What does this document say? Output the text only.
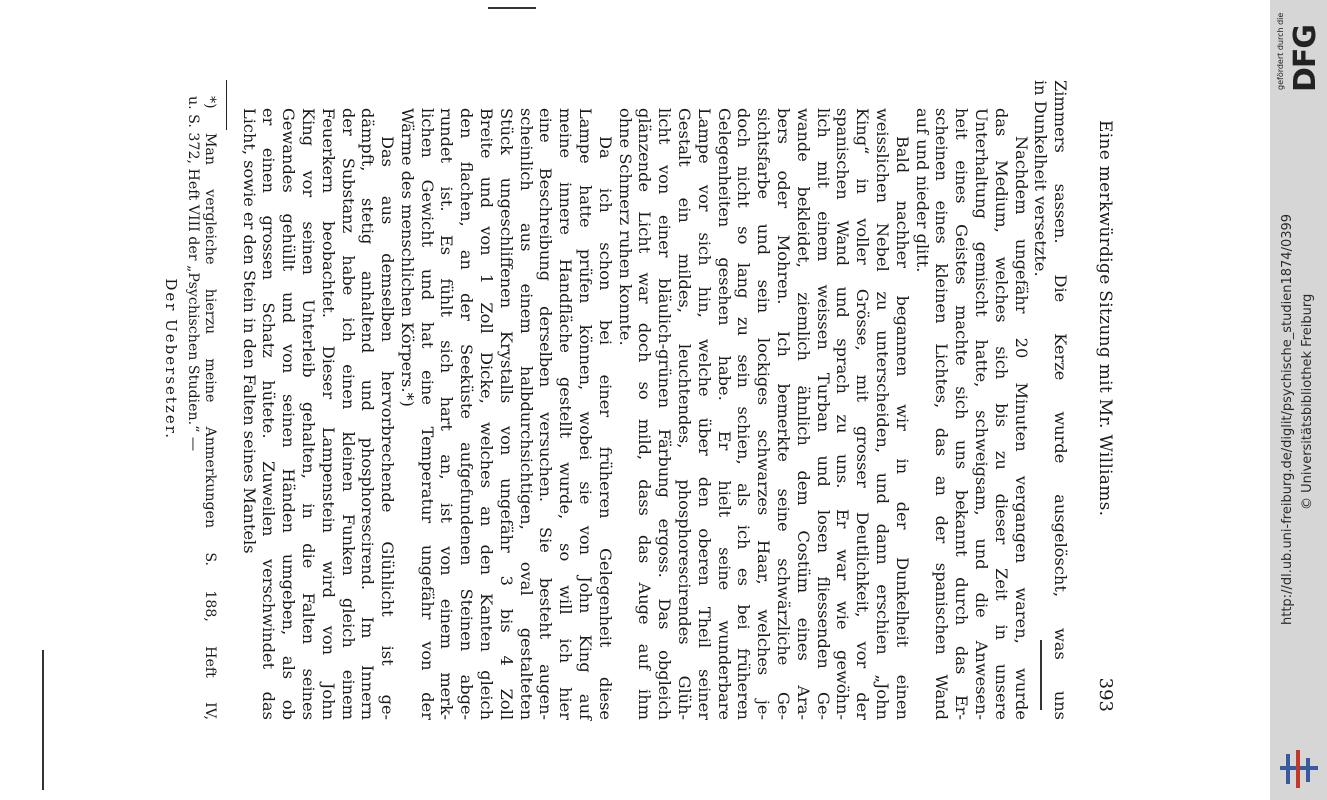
Eine merkwürdige Sitzung mit Mr. Williams.
393
Zimmers sassen. Die Kerze wurde ausgelöscht, was uns
in Dunkelheit versetzte.
Nachdem ungefähr 20 Minuten vergangen waren, wurde
das Medium, welches sich bis zu dieser Zeit in unsere
Unterhaltung gemischt hatte, schweigsam, und die Anwesen-
heit eines Geistes machte sich uns bekannt durch das Er-
scheinen eines kleinen Lichtes, das an der spanischen Wand
auf und nieder glitt.
Bald nachher begannen wir in der Dunkelheit einen
weisslichen Nebel zu unterscheiden, und dann erschien „John
King“ in voller Grösse, mit grosser Deutlichkeit, vor der
spanischen Wand und sprach zu uns. Er war wie gewöhn-
lich mit einem weissen Turban und losen fliessenden Ge-
wande bekleidet, ziemlich ähnlich dem Costüm eines Ara-
bers oder Mohren. Ich bemerkte seine schwärzliche Ge-
sichtsfarbe und sein lockiges schwarzes Haar, welches je-
doch nicht so lang zu sein schien, als ich es bei früheren
Gelegenheiten gesehen habe. Er hielt seine wunderbare
Lampe vor sich hin, welche über den oberen Theil seiner
Gestalt ein mildes, leuchtendes, phosphorescirendes Glüh-
licht von einer bläulich-grünen Färbung ergoss. Das obgleich
glänzende Licht war doch so mild, dass das Auge auf ihm
ohne Schmerz ruhen konnte.
Da ich schon bei einer früheren Gelegenheit diese
Lampe hatte prüfen können, wobei sie von John King auf
meine innere Handfläche gestellt wurde, so will ich hier
eine Beschreibung derselben versuchen. Sie besteht augen-
scheinlich aus einem halbdurchsichtigen, oval gestalteten
Stück ungeschliffenen Krystalls von ungefähr 3 bis 4 Zoll
Breite und von 1 Zoll Dicke, welches an den Kanten gleich
den flachen, an der Seeküste aufgefundenen Steinen abge-
rundet ist. Es fühlt sich hart an, ist von einem merk-
lichen Gewicht und hat eine Temperatur ungefähr von der
Wärme des menschlichen Körpers.*)
Das aus demselben hervorbrechende Glühlicht ist ge-
dämpft, stetig anhaltend und phosphorescirend. Im Innern
der Substanz habe ich einen kleinen Funken gleich einem
Feuerkern beobachtet. Dieser Lampenstein wird von John
King vor seinen Unterleib gehalten, in die Falten seines
Gewandes gehüllt und von seinen Händen umgeben, als ob
er einen grossen Schatz hütete. Zuweilen verschwindet das
Licht, sowie er den Stein in den Falten seines Mantels
*) Man vergleiche hierzu meine Anmerkungen S. 188, Heft IV,
u. S. 372, Heft VIII der „Psychischen Studien.“ —
Der Uebersetzer.
gefördert durch die DFG
http://dl.ub.uni-freiburg.de/diglit/psychische_studien1874/0399 © Universitätsbibliothek Freiburg
